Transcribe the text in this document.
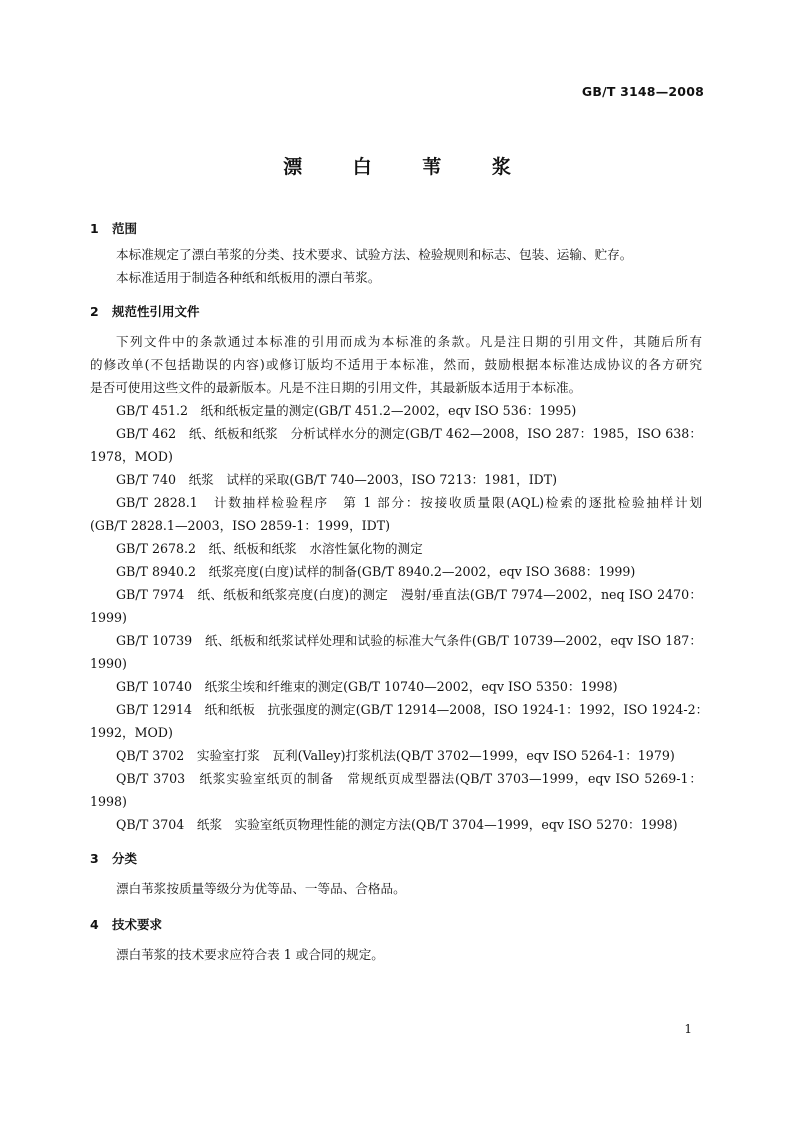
GB/T 3148—2008
漂 白 苇 浆
1 范围
本标准规定了漂白苇浆的分类、技术要求、试验方法、检验规则和标志、包装、运输、贮存。
本标准适用于制造各种纸和纸板用的漂白苇浆。
2 规范性引用文件
下列文件中的条款通过本标准的引用而成为本标准的条款。凡是注日期的引用文件，其随后所有
的修改单(不包括勘误的内容)或修订版均不适用于本标准，然而，鼓励根据本标准达成协议的各方研究
是否可使用这些文件的最新版本。凡是不注日期的引用文件，其最新版本适用于本标准。
GB/T 451.2　纸和纸板定量的测定(GB/T 451.2—2002，eqv ISO 536：1995)
GB/T 462　纸、纸板和纸浆　分析试样水分的测定(GB/T 462—2008，ISO 287：1985，ISO 638：
1978，MOD)
GB/T 740　纸浆　试样的采取(GB/T 740—2003，ISO 7213：1981，IDT)
GB/T 2828.1　计数抽样检验程序　第 1 部分：按接收质量限(AQL)检索的逐批检验抽样计划
(GB/T 2828.1—2003，ISO 2859-1：1999，IDT)
GB/T 2678.2　纸、纸板和纸浆　水溶性氯化物的测定
GB/T 8940.2　纸浆亮度(白度)试样的制备(GB/T 8940.2—2002，eqv ISO 3688：1999)
GB/T 7974　纸、纸板和纸浆亮度(白度)的测定　漫射/垂直法(GB/T 7974—2002，neq ISO 2470：
1999)
GB/T 10739　纸、纸板和纸浆试样处理和试验的标准大气条件(GB/T 10739—2002，eqv ISO 187：
1990)
GB/T 10740　纸浆尘埃和纤维束的测定(GB/T 10740—2002，eqv ISO 5350：1998)
GB/T 12914　纸和纸板　抗张强度的测定(GB/T 12914—2008，ISO 1924-1：1992，ISO 1924-2：
1992，MOD)
QB/T 3702　实验室打浆　瓦利(Valley)打浆机法(QB/T 3702—1999，eqv ISO 5264-1：1979)
QB/T 3703　纸浆实验室纸页的制备　常规纸页成型器法(QB/T 3703—1999，eqv ISO 5269-1：
1998)
QB/T 3704　纸浆　实验室纸页物理性能的测定方法(QB/T 3704—1999，eqv ISO 5270：1998)
3 分类
漂白苇浆按质量等级分为优等品、一等品、合格品。
4 技术要求
漂白苇浆的技术要求应符合表 1 或合同的规定。
1
